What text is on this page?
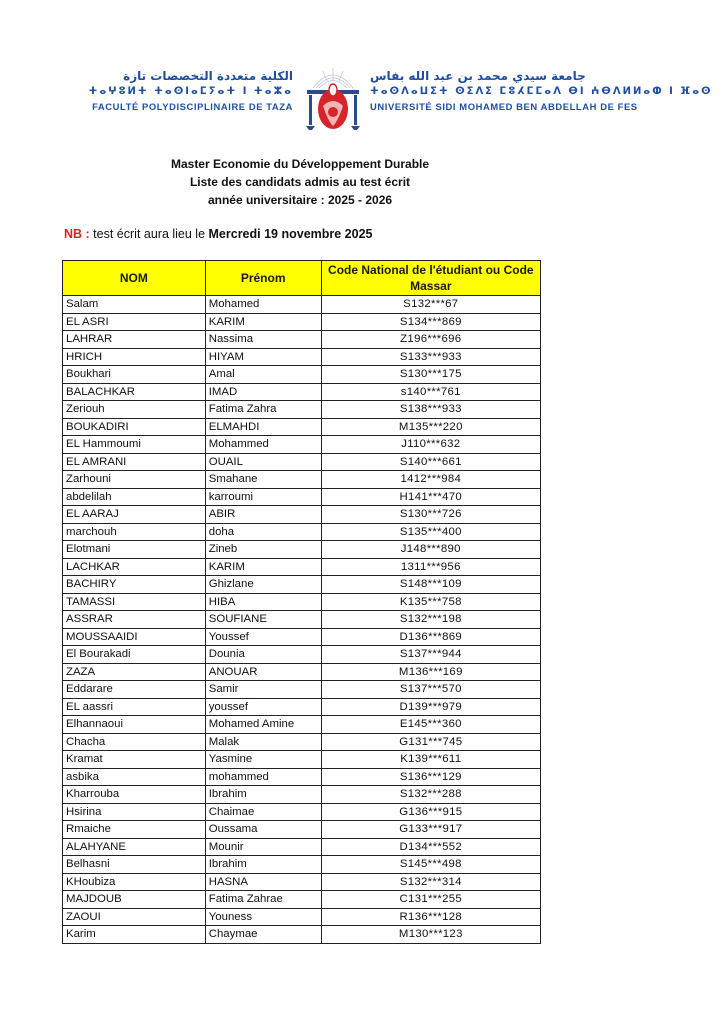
الكلية متعددة التخصصات تازة
ⵜⴰⵖⵓⵍⵜ ⵜⴰⵙⵏⴰⵎⵢⴰⵜ ⵏ ⵜⴰⵣⴰ
FACULTÉ POLYDISCIPLINAIRE DE TAZA
جامعة سيدي محمد بن عبد الله بفاس
ⵜⴰⵙⴷⴰⵡⵉⵜ ⵙⵉⴷⵉ ⵎⵓⵃⵎⵎⴰⴷ ⴱⵏ ⵄⴱⴷⵍⵍⴰⵀ ⵏ ⴼⴰⵙ
UNIVERSITÉ SIDI MOHAMED BEN ABDELLAH DE FES
Master Economie du Développement Durable
Liste des candidats admis au test écrit
année universitaire : 2025 - 2026
NB : test écrit aura lieu le Mercredi 19 novembre 2025
NOM	Prénom	Code National de l'étudiant ou Code Massar
Salam	Mohamed	S132***67
EL ASRI	KARIM	S134***869
LAHRAR	Nassima	Z196***696
HRICH	HIYAM	S133***933
Boukhari	Amal	S130***175
BALACHKAR	IMAD	s140***761
Zeriouh	Fatima Zahra	S138***933
BOUKADIRI	ELMAHDI	M135***220
EL Hammoumi	Mohammed	J110***632
EL AMRANI	OUAIL	S140***661
Zarhouni	Smahane	1412***984
abdelilah	karroumi	H141***470
EL AARAJ	ABIR	S130***726
marchouh	doha	S135***400
Elotmani	Zineb	J148***890
LACHKAR	KARIM	1311***956
BACHIRY	Ghizlane	S148***109
TAMASSI	HIBA	K135***758
ASSRAR	SOUFIANE	S132***198
MOUSSAAIDI	Youssef	D136***869
El Bourakadi	Dounia	S137***944
ZAZA	ANOUAR	M136***169
Eddarare	Samir	S137***570
EL aassri	youssef	D139***979
Elhannaoui	Mohamed Amine	E145***360
Chacha	Malak	G131***745
Kramat	Yasmine	K139***611
asbika	mohammed	S136***129
Kharrouba	Ibrahim	S132***288
Hsirina	Chaimae	G136***915
Rmaiche	Oussama	G133***917
ALAHYANE	Mounir	D134***552
Belhasni	Ibrahim	S145***498
KHoubiza	HASNA	S132***314
MAJDOUB	Fatima Zahrae	C131***255
ZAOUI	Youness	R136***128
Karim	Chaymae	M130***123
